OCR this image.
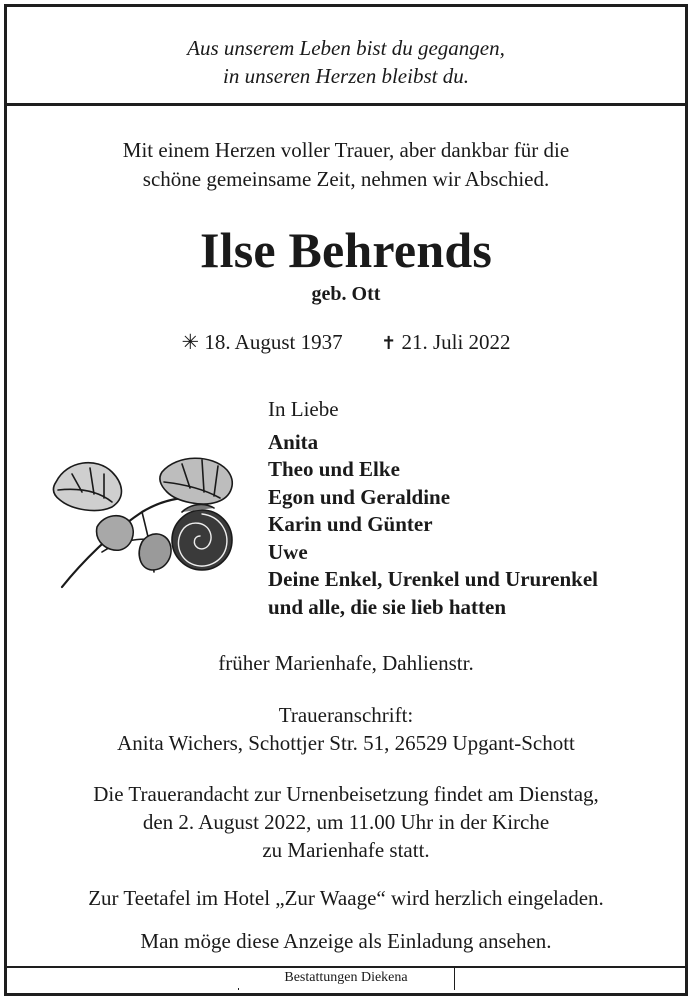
Aus unserem Leben bist du gegangen,
in unseren Herzen bleibst du.
Mit einem Herzen voller Trauer, aber dankbar für die
schöne gemeinsame Zeit, nehmen wir Abschied.
Ilse Behrends
geb. Ott
✳ 18. August 1937 ✝ 21. Juli 2022
In Liebe
Anita
Theo und Elke
Egon und Geraldine
Karin und Günter
Uwe
Deine Enkel, Urenkel und Ururenkel
und alle, die sie lieb hatten
früher Marienhafe, Dahlienstr.
Traueranschrift:
Anita Wichers, Schottjer Str. 51, 26529 Upgant-Schott
Die Trauerandacht zur Urnenbeisetzung findet am Dienstag,
den 2. August 2022, um 11.00 Uhr in der Kirche
zu Marienhafe statt.
Zur Teetafel im Hotel „Zur Waage“ wird herzlich eingeladen.
Man möge diese Anzeige als Einladung ansehen.
Bestattungen Diekena
